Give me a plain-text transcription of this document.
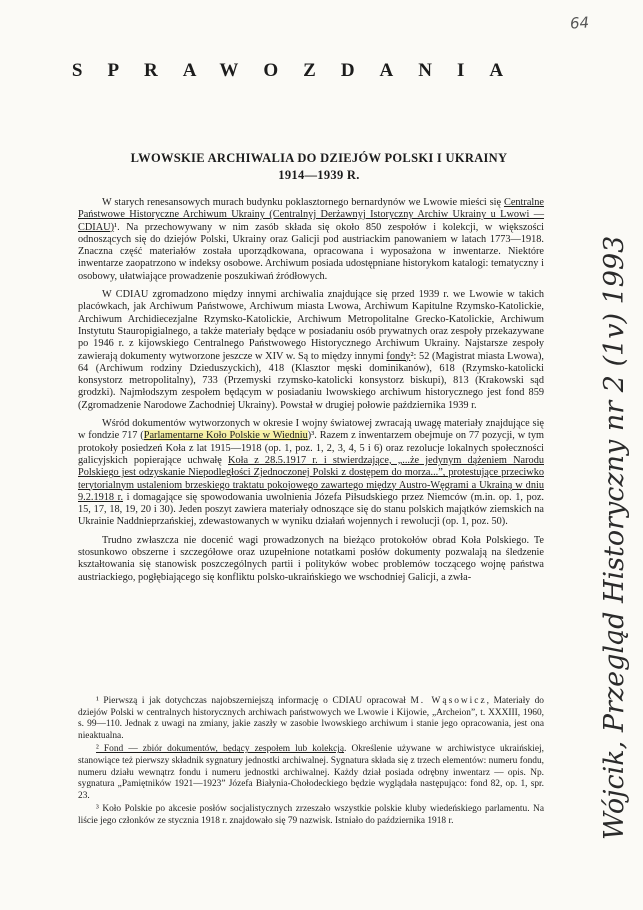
64
SPRAWOZDANIA
LWOWSKIE ARCHIWALIA DO DZIEJÓW POLSKI I UKRAINY
1914—1939 R.

W starych renesansowych murach budynku poklasztornego bernardynów we Lwowie mieści się Centralne Państwowe Historyczne Archiwum Ukrainy (Centralnyj Derżawnyj Istoryczny Archiw Ukrainy u Lwowi — CDIAU)¹. Na przechowywany w nim zasób składa się około 850 zespołów i kolekcji, w większości odnoszących się do dziejów Polski, Ukrainy oraz Galicji pod austriackim panowaniem w latach 1773—1918. Znaczna część materiałów została uporządkowana, opracowana i wyposażona w inwentarze. Niektóre inwentarze zaopatrzono w indeksy osobowe. Archiwum posiada udostępniane historykom katalogi: tematyczny i osobowy, ułatwiające prowadzenie poszukiwań źródłowych.

W CDIAU zgromadzono między innymi archiwalia znajdujące się przed 1939 r. we Lwowie w takich placówkach, jak Archiwum Państwowe, Archiwum miasta Lwowa, Archiwum Kapitulne Rzymsko-Katolickie, Archiwum Archidiecezjalne Rzymsko-Katolickie, Archiwum Metropolitalne Grecko-Katolickie, Archiwum Instytutu Stauropigialnego, a także materiały będące w posiadaniu osób prywatnych oraz zespoły przekazywane po 1946 r. z kijowskiego Centralnego Państwowego Historycznego Archiwum Ukrainy. Najstarsze zespoły zawierają dokumenty wytworzone jeszcze w XIV w. Są to między innymi fondy²: 52 (Magistrat miasta Lwowa), 64 (Archiwum rodziny Dzieduszyckich), 418 (Klasztor męski dominikanów), 618 (Rzymsko-katolicki konsystorz metropolitalny), 733 (Przemyski rzymsko-katolicki konsystorz biskupi), 813 (Krakowski sąd grodzki). Najmłodszym zespołem będącym w posiadaniu lwowskiego archiwum historycznego jest fond 859 (Zgromadzenie Narodowe Zachodniej Ukrainy). Powstał w drugiej połowie października 1939 r.

Wśród dokumentów wytworzonych w okresie I wojny światowej zwracają uwagę materiały znajdujące się w fondzie 717 (Parlamentarne Koło Polskie w Wiedniu)³. Razem z inwentarzem obejmuje on 77 pozycji, w tym protokoły posiedzeń Koła z lat 1915—1918 (op. 1, poz. 1, 2, 3, 4, 5 i 6) oraz rezolucje lokalnych społeczności galicyjskich popierające uchwałę Koła z 28.5.1917 r. i stwierdzające, „...że jedynym dążeniem Narodu Polskiego jest odzyskanie Niepodległości Zjednoczonej Polski z dostępem do morza...”, protestujące przeciwko terytorialnym ustaleniom brzeskiego traktatu pokojowego zawartego między Austro-Węgrami a Ukrainą w dniu 9.2.1918 r. i domagające się spowodowania uwolnienia Józefa Piłsudskiego przez Niemców (m.in. op. 1, poz. 15, 17, 18, 19, 20 i 30). Jeden poszyt zawiera materiały odnoszące się do stanu polskich majątków ziemskich na Ukrainie Naddnieprzańskiej, zdewastowanych w wyniku działań wojennych i rewolucji (op. 1, poz. 50).

Trudno zwłaszcza nie docenić wagi prowadzonych na bieżąco protokołów obrad Koła Polskiego. Te stosunkowo obszerne i szczegółowe oraz uzupełnione notatkami posłów dokumenty pozwalają na śledzenie kształtowania się stanowisk poszczególnych partii i polityków wobec problemów toczącego wojnę państwa austriackiego, pogłębiającego się konfliktu polsko-ukraińskiego we wschodniej Galicji, a zwła-

¹ Pierwszą i jak dotychczas najobszerniejszą informację o CDIAU opracował M. Wąsowicz, Materiały do dziejów Polski w centralnych historycznych archiwach państwowych we Lwowie i Kijowie, „Archeion”, t. XXXIII, 1960, s. 99—110. Jednak z uwagi na zmiany, jakie zaszły w zasobie lwowskiego archiwum i stanie jego opracowania, jest ona nieaktualna.

² Fond — zbiór dokumentów, będący zespołem lub kolekcją. Określenie używane w archiwistyce ukraińskiej, stanowiące też pierwszy składnik sygnatury jednostki archiwalnej. Sygnatura składa się z trzech elementów: numeru fondu, numeru działu wewnątrz fondu i numeru jednostki archiwalnej. Każdy dział posiada odrębny inwentarz — opis. Np. sygnatura „Pamiętników 1921—1923” Józefa Białynia-Chołodeckiego będzie wyglądała następująco: fond 82, op. 1, spr. 23.

³ Koło Polskie po akcesie posłów socjalistycznych zrzeszało wszystkie polskie kluby wiedeńskiego parlamentu. Na liście jego członków ze stycznia 1918 r. znajdowało się 79 nazwisk. Istniało do października 1918 r.	Wójcik, Przegląd Historyczny nr 2 (1v) 1993
